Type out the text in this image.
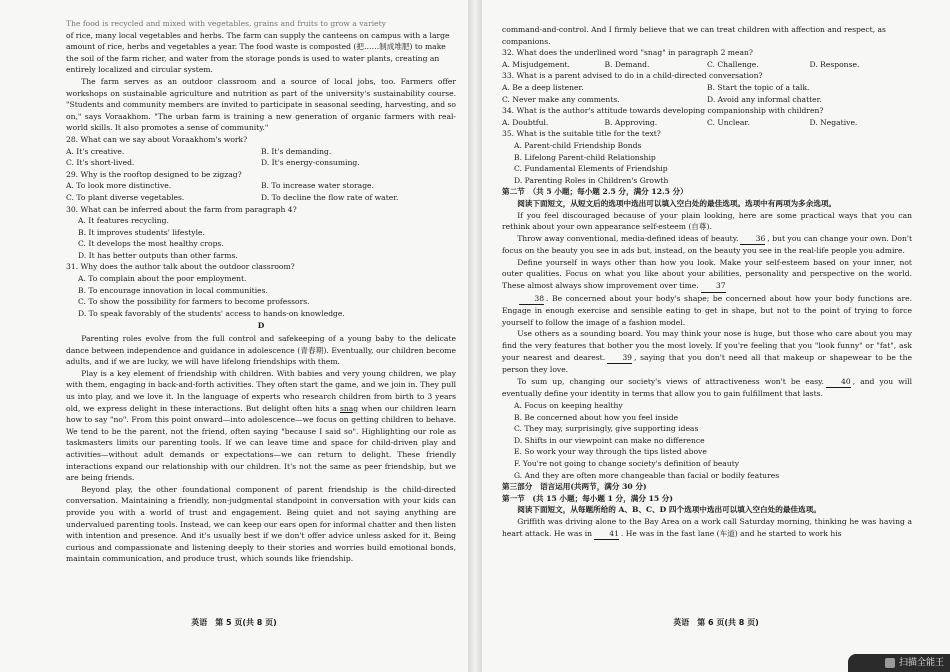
The food is recycled and mixed with vegetables, grains and fruits to grow a variety

of rice, many local vegetables and herbs. The farm can supply the canteens on campus with a large amount of rice, herbs and vegetables a year. The food waste is composted (把……制成堆肥) to make the soil of the farm richer, and water from the storage ponds is used to water plants, creating an entirely localized and circular system.

The farm serves as an outdoor classroom and a source of local jobs, too. Farmers offer workshops on sustainable agriculture and nutrition as part of the university's sustainability course. "Students and community members are invited to participate in seasonal seeding, harvesting, and so on," says Voraakhom. "The urban farm is training a new generation of organic farmers with real-world skills. It also promotes a sense of community."

28. What can we say about Voraakhom's work?

A. It's creative.	B. It's demanding.
C. It's short-lived.	D. It's energy-consuming.

29. Why is the rooftop designed to be zigzag?

A. To look more distinctive.	B. To increase water storage.
C. To plant diverse vegetables.	D. To decline the flow rate of water.

30. What can be inferred about the farm from paragraph 4?

A. It features recycling.

B. It improves students' lifestyle.

C. It develops the most healthy crops.

D. It has better outputs than other farms.

31. Why does the author talk about the outdoor classroom?

A. To complain about the poor employment.

B. To encourage innovation in local communities.

C. To show the possibility for farmers to become professors.

D. To speak favorably of the students' access to hands-on knowledge.

D

Parenting roles evolve from the full control and safekeeping of a young baby to the delicate dance between independence and guidance in adolescence (青春期). Eventually, our children become adults, and if we are lucky, we will have lifelong friendships with them.

Play is a key element of friendship with children. With babies and very young children, we play with them, engaging in back-and-forth activities. They often start the game, and we join in. They pull us into play, and we love it. In the language of experts who research children from birth to 3 years old, we express delight in these interactions. But delight often hits a snag when our children learn how to say "no". From this point onward—into adolescence—we focus on getting children to behave. We tend to be the parent, not the friend, often saying "because I said so". Highlighting our role as taskmasters limits our parenting tools. If we can leave time and space for child-driven play and activities—without adult demands or expectations—we can return to delight. These friendly interactions expand our relationship with our children. It's not the same as peer friendship, but we are being friends.

Beyond play, the other foundational component of parent friendship is the child-directed conversation. Maintaining a friendly, non-judgmental standpoint in conversation with your kids can provide you with a world of trust and engagement. Being quiet and not saying anything are undervalued parenting tools. Instead, we can keep our ears open for informal chatter and then listen with intention and presence. And it's usually best if we don't offer advice unless asked for it. Being curious and compassionate and listening deeply to their stories and worries build emotional bonds, maintain communication, and produce trust, which sounds like friendship.

英语　第 5 页(共 8 页)

command-and-control. And I firmly believe that we can treat children with affection and respect, as companions.

32. What does the underlined word "snag" in paragraph 2 mean?

A. Misjudgement.	B. Demand.	C. Challenge.	D. Response.

33. What is a parent advised to do in a child-directed conversation?

A. Be a deep listener.	B. Start the topic of a talk.
C. Never make any comments.	D. Avoid any informal chatter.

34. What is the author's attitude towards developing companionship with children?

A. Doubtful.	B. Approving.	C. Unclear.	D. Negative.

35. What is the suitable title for the text?

A. Parent-child Friendship Bonds

B. Lifelong Parent-child Relationship

C. Fundamental Elements of Friendship

D. Parenting Roles in Children's Growth

第二节　（共 5 小题；每小题 2.5 分，满分 12.5 分）

阅读下面短文，从短文后的选项中选出可以填入空白处的最佳选项。选项中有两项为多余选项。

If you feel discouraged because of your plain looking, here are some practical ways that you can rethink about your own appearance self-esteem (自尊).

Throw away conventional, media-defined ideas of beauty. 36 , but you can change your own. Don't focus on the beauty you see in ads but, instead, on the beauty you see in the real-life people you admire.

Define yourself in ways other than how you look. Make your self-esteem based on your inner, not outer qualities. Focus on what you like about your abilities, personality and perspective on the world. These almost always show improvement over time. 37

38 . Be concerned about your body's shape; be concerned about how your body functions are. Engage in enough exercise and sensible eating to get in shape, but not to the point of trying to force yourself to follow the image of a fashion model.

Use others as a sounding board. You may think your nose is huge, but those who care about you may find the very features that bother you the most lovely. If you're feeling that you "look funny" or "fat", ask your nearest and dearest. 39 , saying that you don't need all that makeup or shapewear to be the person they love.

To sum up, changing our society's views of attractiveness won't be easy. 40 , and you will eventually define your identity in terms that allow you to gain fulfillment that lasts.

A. Focus on keeping healthy

B. Be concerned about how you feel inside

C. They may, surprisingly, give supporting ideas

D. Shifts in our viewpoint can make no difference

E. So work your way through the tips listed above

F. You're not going to change society's definition of beauty

G. And they are often more changeable than facial or bodily features

第三部分　语言运用(共两节，满分 30 分)

第一节　(共 15 小题；每小题 1 分，满分 15 分)

阅读下面短文，从每题所给的 A、B、C、D 四个选项中选出可以填入空白处的最佳选项。

Griffith was driving alone to the Bay Area on a work call Saturday morning, thinking he was having a heart attack. He was in 41 . He was in the fast lane (车道) and he started to work his

英语　第 6 页(共 8 页)
扫描全能王
